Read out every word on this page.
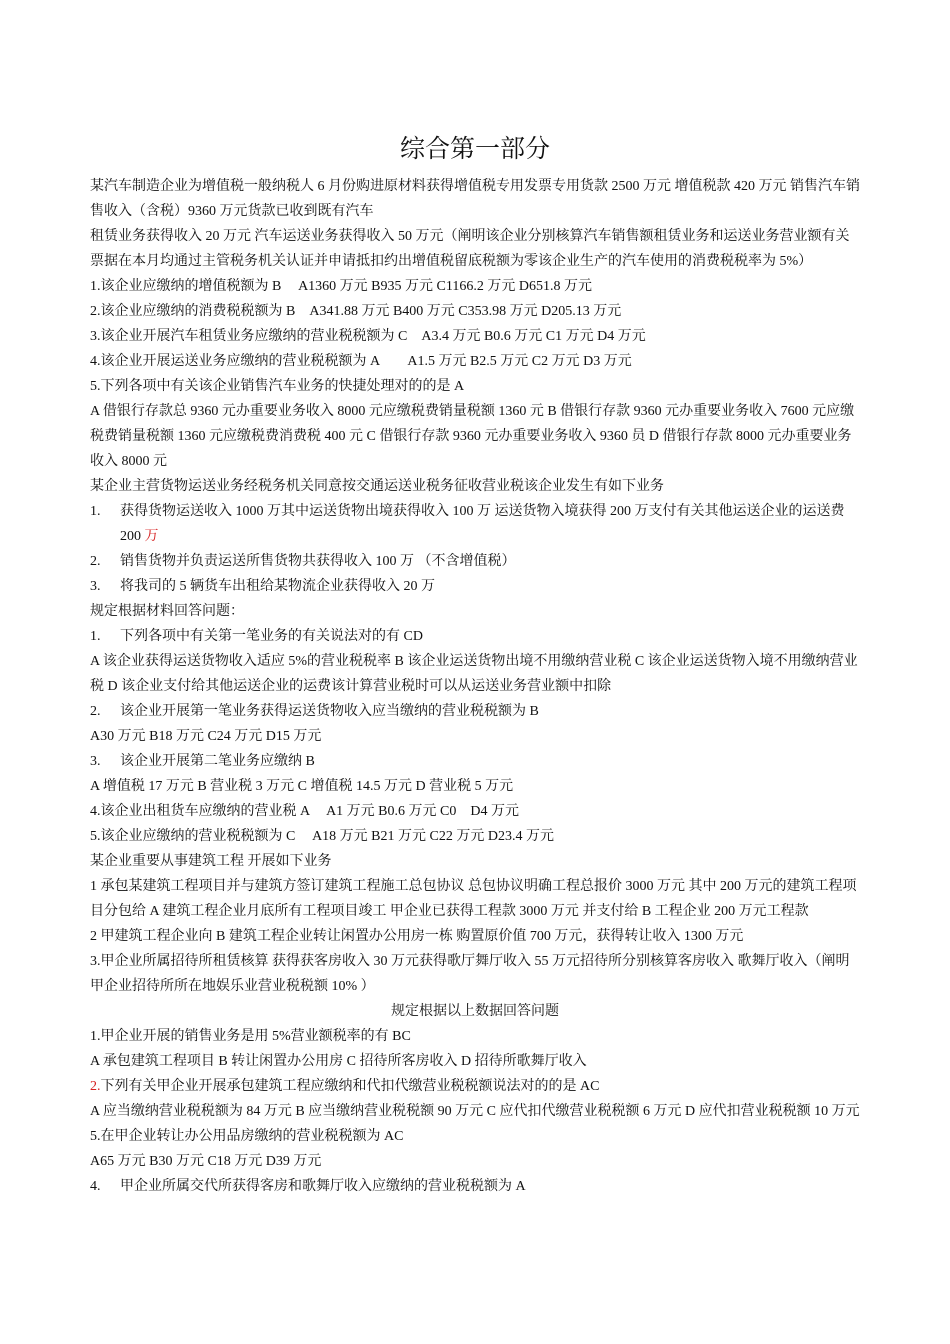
综合第一部分

某汽车制造企业为增值税一般纳税人 6 月份购进原材料获得增值税专用发票专用货款 2500 万元 增值税款 420 万元 销售汽车销售收入（含税）9360 万元货款已收到既有汽车

租赁业务获得收入 20 万元 汽车运送业务获得收入 50 万元（阐明该企业分别核算汽车销售额租赁业务和运送业务营业额有关票据在本月均通过主管税务机关认证并申请抵扣约出增值税留底税额为零该企业生产的汽车使用的消费税税率为 5%）

1.该企业应缴纳的增值税额为 B　 A1360 万元 B935 万元 C1166.2 万元 D651.8 万元

2.该企业应缴纳的消费税税额为 B　A341.88 万元 B400 万元 C353.98 万元 D205.13 万元

3.该企业开展汽车租赁业务应缴纳的营业税税额为 C　A3.4 万元 B0.6 万元 C1 万元 D4 万元

4.该企业开展运送业务应缴纳的营业税税额为 A　　A1.5 万元 B2.5 万元 C2 万元 D3 万元

5.下列各项中有关该企业销售汽车业务的快捷处理对的的是 A

A 借银行存款总 9360 元办重要业务收入 8000 元应缴税费销量税额 1360 元 B 借银行存款 9360 元办重要业务收入 7600 元应缴税费销量税额 1360 元应缴税费消费税 400 元 C 借银行存款 9360 元办重要业务收入 9360 员 D 借银行存款 8000 元办重要业务收入 8000 元

某企业主营货物运送业务经税务机关同意按交通运送业税务征收营业税该企业发生有如下业务

1.	获得货物运送收入 1000 万其中运送货物出境获得收入 100 万 运送货物入境获得 200 万支付有关其他运送企业的运送费 200 万
2.	销售货物并负责运送所售货物共获得收入 100 万 （不含增值税）
3.	将我司的 5 辆货车出租给某物流企业获得收入 20 万

规定根据材料回答问题：

1.	下列各项中有关第一笔业务的有关说法对的有 CD

A 该企业获得运送货物收入适应 5%的营业税税率 B 该企业运送货物出境不用缴纳营业税 C 该企业运送货物入境不用缴纳营业税 D 该企业支付给其他运送企业的运费该计算营业税时可以从运送业务营业额中扣除

2.	该企业开展第一笔业务获得运送货物收入应当缴纳的营业税税额为 B

A30 万元 B18 万元 C24 万元 D15 万元

3.	该企业开展第二笔业务应缴纳 B

A 增值税 17 万元 B 营业税 3 万元 C 增值税 14.5 万元 D 营业税 5 万元

4.该企业出租货车应缴纳的营业税 A　 A1 万元 B0.6 万元 C0　D4 万元

5.该企业应缴纳的营业税税额为 C　 A18 万元 B21 万元 C22 万元 D23.4 万元

某企业重要从事建筑工程 开展如下业务

1 承包某建筑工程项目并与建筑方签订建筑工程施工总包协议 总包协议明确工程总报价 3000 万元 其中 200 万元的建筑工程项目分包给 A 建筑工程企业月底所有工程项目竣工 甲企业已获得工程款 3000 万元 并支付给 B 工程企业 200 万元工程款

2 甲建筑工程企业向 B 建筑工程企业转让闲置办公用房一栋 购置原价值 700 万元，获得转让收入 1300 万元

3.甲企业所属招待所租赁核算 获得获客房收入 30 万元获得歌厅舞厅收入 55 万元招待所分别核算客房收入 歌舞厅收入（阐明甲企业招待所所在地娱乐业营业税税额 10% ）

规定根据以上数据回答问题

1.甲企业开展的销售业务是用 5%营业额税率的有 BC

A 承包建筑工程项目 B 转让闲置办公用房 C 招待所客房收入 D 招待所歌舞厅收入

2.下列有关甲企业开展承包建筑工程应缴纳和代扣代缴营业税税额说法对的的是 AC

A 应当缴纳营业税税额为 84 万元 B 应当缴纳营业税税额 90 万元 C 应代扣代缴营业税税额 6 万元 D 应代扣营业税税额 10 万元

5.在甲企业转让办公用品房缴纳的营业税税额为 AC

A65 万元 B30 万元 C18 万元 D39 万元

4.	甲企业所属交代所获得客房和歌舞厅收入应缴纳的营业税税额为 A
